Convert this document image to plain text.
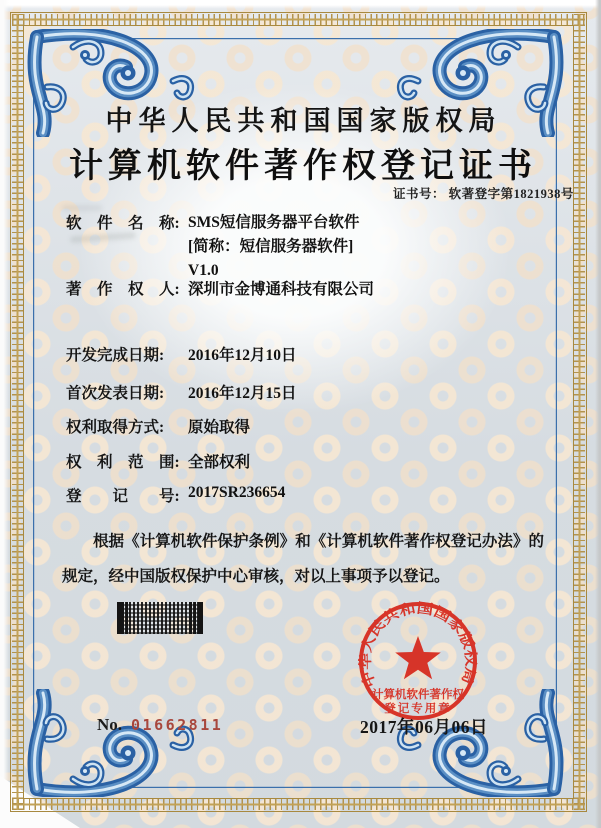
中华人民共和国国家版权局
计算机软件著作权登记证书
证书号： 软著登字第1821938号
软　件　名　称: SMS短信服务器平台软件
[简称：短信服务器软件]
V1.0
著　作　权　人: 深圳市金博通科技有限公司
开发完成日期:	2016年12月10日
首次发表日期:	2016年12月15日
权利取得方式:	原始取得
权　利　范　围: 全部权利
登　　记　　号: 2017SR236654
根据《计算机软件保护条例》和《计算机软件著作权登记办法》的规定，经中国版权保护中心审核，对以上事项予以登记。
中华人民共和国国家版权局
计算机软件著作权
登记专用章
2017年06月06日
No. 01662811
